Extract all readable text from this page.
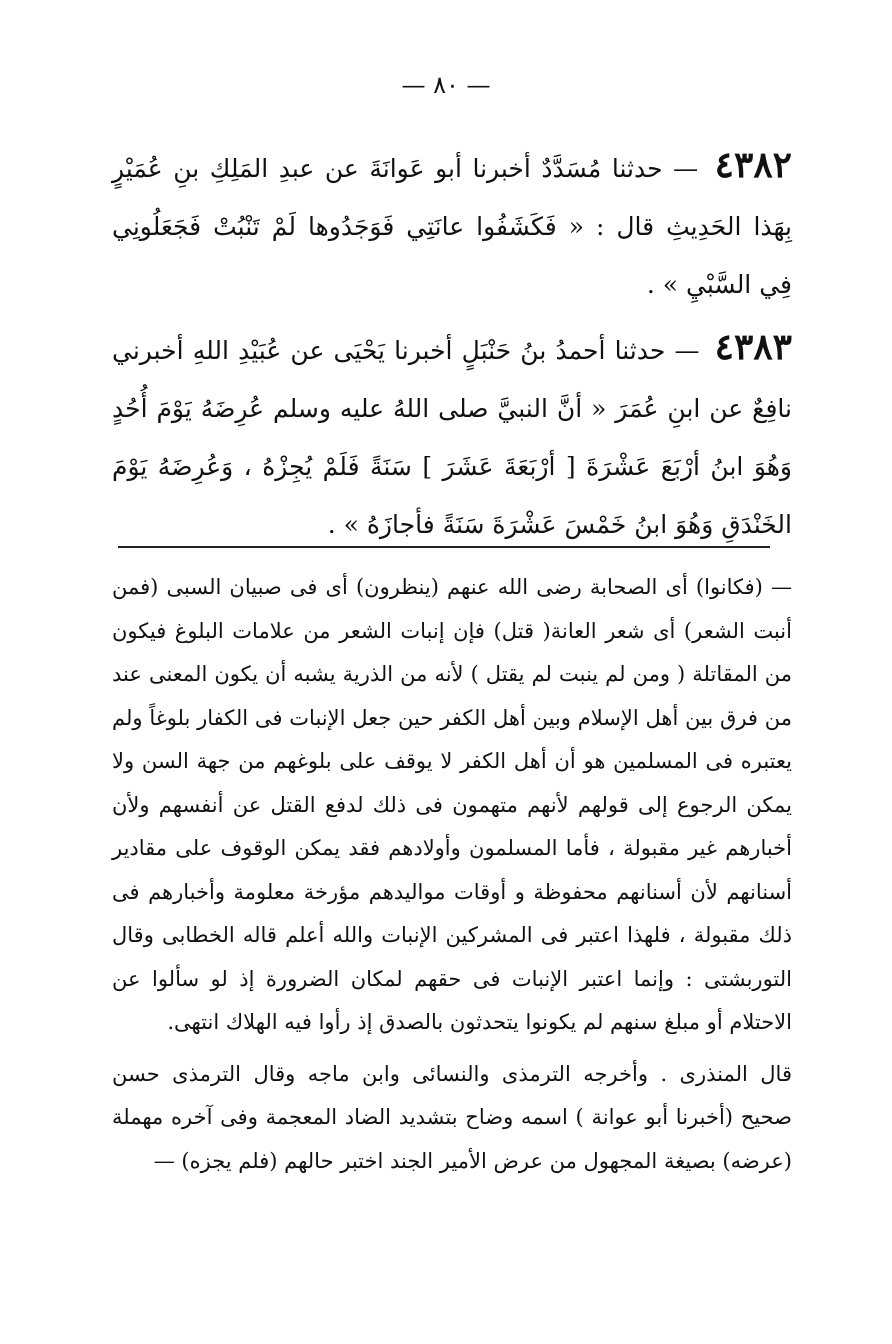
— ٨٠ —

٤٣٨٢ — حدثنا مُسَدَّدٌ أخبرنا أبو عَوانَةَ عن عبدِ المَلِكِ بنِ عُمَيْرٍ بِهَذا الحَدِيثِ قال : « فَكَشَفُوا عانَتِي فَوَجَدُوها لَمْ تَنْبُتْ فَجَعَلُونِي فِي السَّبْيِ » .

٤٣٨٣ — حدثنا أحمدُ بنُ حَنْبَلٍ أخبرنا يَحْيَى عن عُبَيْدِ اللهِ أخبرني نافِعٌ عن ابنِ عُمَرَ « أنَّ النبيَّ صلى اللهُ عليه وسلم عُرِضَهُ يَوْمَ أُحُدٍ وَهُوَ ابنُ أرْبَعَ عَشْرَةَ [ أرْبَعَةَ عَشَرَ ] سَنَةً فَلَمْ يُجِزْهُ ، وَعُرِضَهُ يَوْمَ الخَنْدَقِ وَهُوَ ابنُ خَمْسَ عَشْرَةَ سَنَةً فأجازَهُ » .

— (فكانوا) أى الصحابة رضى الله عنهم (ينظرون) أى فى صبيان السبى (فمن أنبت الشعر) أى شعر العانة( قتل) فإن إنبات الشعر من علامات البلوغ فيكون من المقاتلة ( ومن لم ينبت لم يقتل ) لأنه من الذرية يشبه أن يكون المعنى عند من فرق بين أهل الإسلام وبين أهل الكفر حين جعل الإنبات فى الكفار بلوغاً ولم يعتبره فى المسلمين هو أن أهل الكفر لا يوقف على بلوغهم من جهة السن ولا يمكن الرجوع إلى قولهم لأنهم متهمون فى ذلك لدفع القتل عن أنفسهم ولأن أخبارهم غير مقبولة ، فأما المسلمون وأولادهم فقد يمكن الوقوف على مقادير أسنانهم لأن أسنانهم محفوظة و أوقات مواليدهم مؤرخة معلومة وأخبارهم فى ذلك مقبولة ، فلهذا اعتبر فى المشركين الإنبات والله أعلم قاله الخطابى وقال التوربشتى : وإنما اعتبر الإنبات فى حقهم لمكان الضرورة إذ لو سألوا عن الاحتلام أو مبلغ سنهم لم يكونوا يتحدثون بالصدق إذ رأوا فيه الهلاك انتهى.

قال المنذرى . وأخرجه الترمذى والنسائى وابن ماجه وقال الترمذى حسن صحيح (أخبرنا أبو عوانة ) اسمه وضاح بتشديد الضاد المعجمة وفى آخره مهملة (عرضه) بصيغة المجهول من عرض الأمير الجند اختبر حالهم (فلم يجزه) —
